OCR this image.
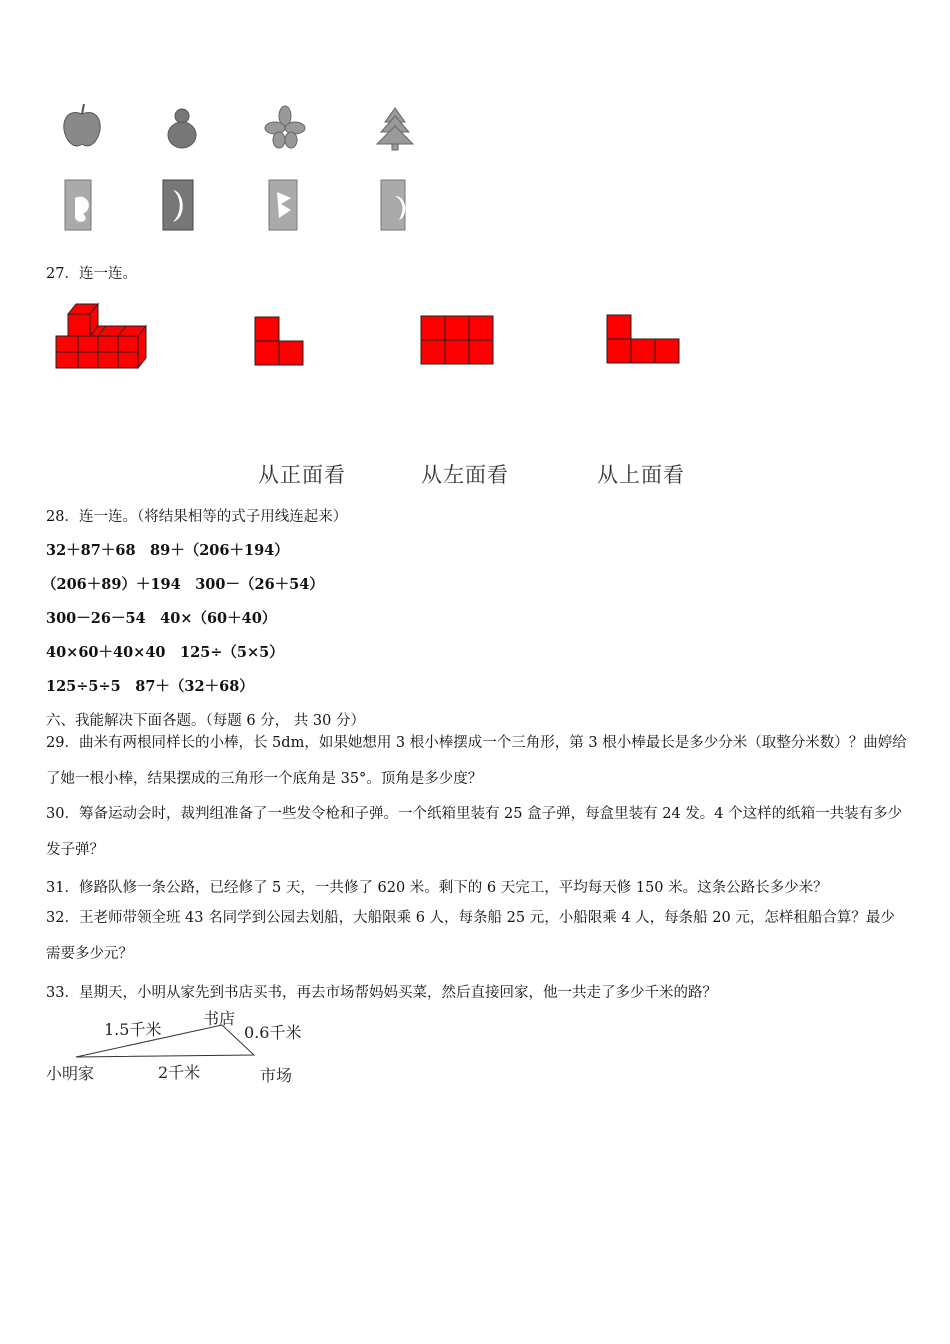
27．连一连。
从正面看	从左面看	从上面看
28．连一连。（将结果相等的式子用线连起来）
32＋87＋68　89＋（206＋194）
（206＋89）＋194　300－（26＋54）
300－26－54　40×（60＋40）
40×60＋40×40　125÷（5×5）
125÷5÷5　87＋（32＋68）
六、我能解决下面各题。（每题 6 分， 共 30 分）
29．曲米有两根同样长的小棒，长 5dm，如果她想用 3 根小棒摆成一个三角形，第 3 根小棒最长是多少分米（取整分米数）？曲婷给了她一根小棒，结果摆成的三角形一个底角是 35°。顶角是多少度？
30．筹备运动会时，裁判组准备了一些发令枪和子弹。一个纸箱里装有 25 盒子弹，每盒里装有 24 发。4 个这样的纸箱一共装有多少发子弹？
31．修路队修一条公路，已经修了 5 天，一共修了 620 米。剩下的 6 天完工，平均每天修 150 米。这条公路长多少米？
32．王老师带领全班 43 名同学到公园去划船，大船限乘 6 人，每条船 25 元，小船限乘 4 人，每条船 20 元，怎样租船合算？最少需要多少元？
33．星期天，小明从家先到书店买书，再去市场帮妈妈买菜，然后直接回家，他一共走了多少千米的路？
1.5千米
书店
0.6千米
小明家	2千米	市场
